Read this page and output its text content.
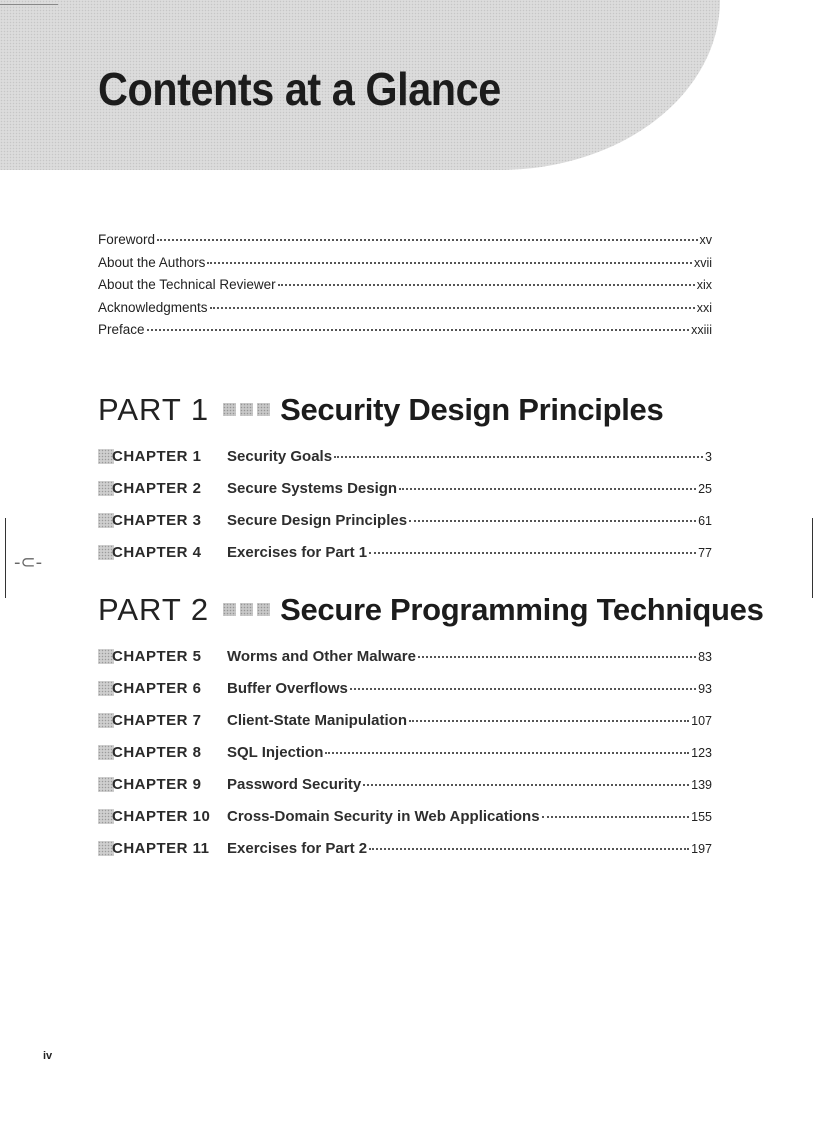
Contents at a Glance
Foreword	xv
About the Authors	xvii
About the Technical Reviewer	xix
Acknowledgments	xxi
Preface	xxiii
PART 1 Security Design Principles
CHAPTER 1	Security Goals	3
CHAPTER 2	Secure Systems Design	25
CHAPTER 3	Secure Design Principles	61
CHAPTER 4	Exercises for Part 1	77
PART 2 Secure Programming Techniques
CHAPTER 5	Worms and Other Malware	83
CHAPTER 6	Buffer Overflows	93
CHAPTER 7	Client-State Manipulation	107
CHAPTER 8	SQL Injection	123
CHAPTER 9	Password Security	139
CHAPTER 10	Cross-Domain Security in Web Applications	155
CHAPTER 11	Exercises for Part 2	197
-⊂-
iv
